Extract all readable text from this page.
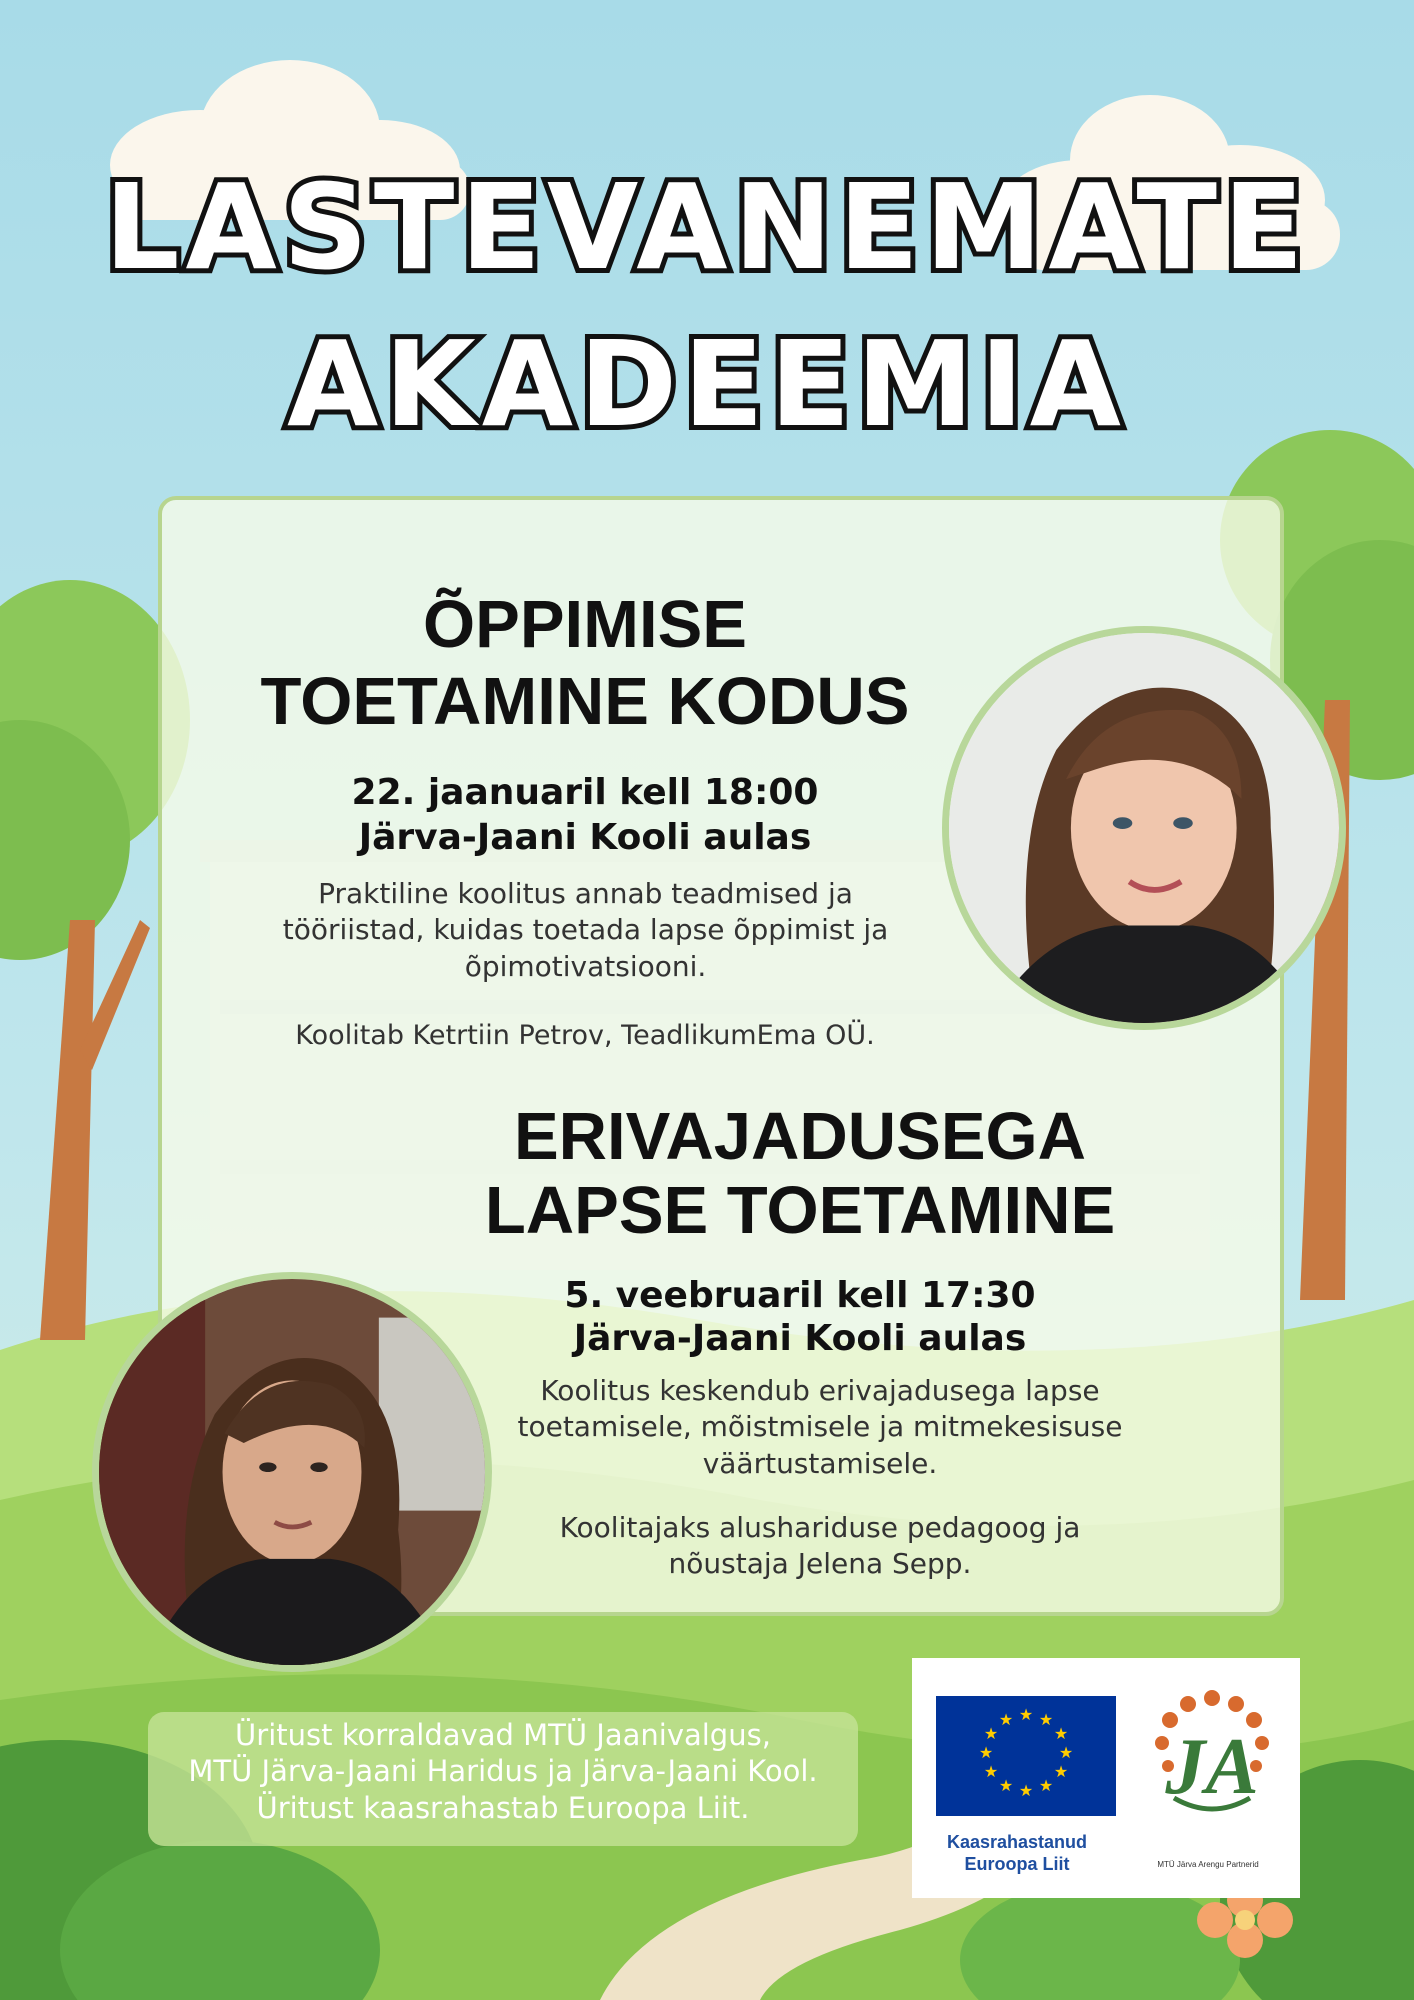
LASTEVANEMATE
AKADEEMIA
ÕPPIMISE
TOETAMINE KODUS
22. jaanuaril kell 18:00
Järva-Jaani Kooli aulas
Praktiline koolitus annab teadmised ja tööriistad, kuidas toetada lapse õppimist ja õpimotivatsiooni.
Koolitab Ketrtiin Petrov, TeadlikumEma OÜ.
ERIVAJADUSEGA
LAPSE TOETAMINE
5. veebruaril kell 17:30
Järva-Jaani Kooli aulas
Koolitus keskendub erivajadusega lapse toetamisele, mõistmisele ja mitmekesisuse väärtustamisele.
Koolitajaks alushariduse pedagoog ja nõustaja Jelena Sepp.
Üritust korraldavad MTÜ Jaanivalgus,
MTÜ Järva-Jaani Haridus ja Järva-Jaani Kool.
Üritust kaasrahastab Euroopa Liit.
★ ★
★
★
★
★
★
★
★
★
★
★
JA
Kaasrahastanud
Euroopa Liit	MTÜ Järva Arengu Partnerid
